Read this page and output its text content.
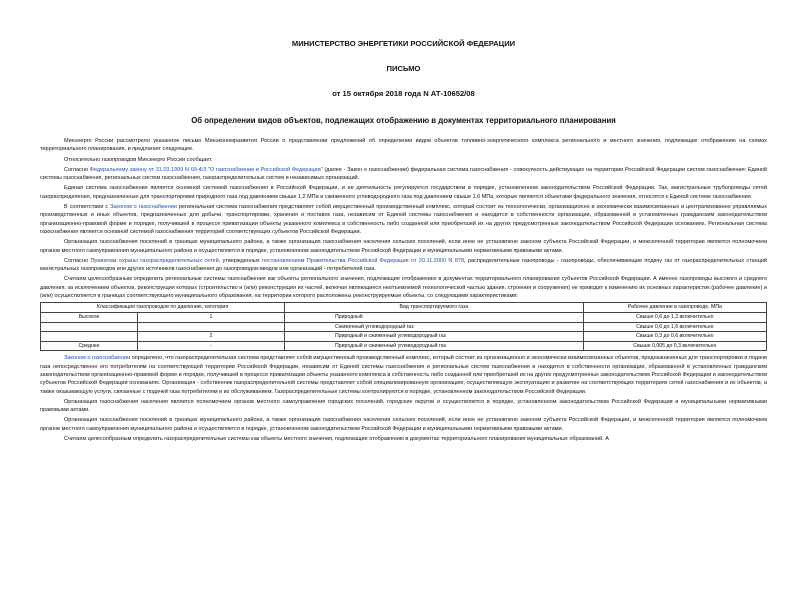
МИНИСТЕРСТВО ЭНЕРГЕТИКИ РОССИЙСКОЙ ФЕДЕРАЦИИ
ПИСЬМО
от 15 октября 2018 года N АТ-10652/08
Об определении видов объектов, подлежащих отображению в документах территориального планирования

Минэнерго России рассмотрело указанное письмо Минэкономразвития России о представлении предложений об определении видов объектов топливно-энергетического комплекса регионального и местного значения, подлежащих отображению на схемах территориального планирования, и предлагает следующее.

Относительно газопроводов Минэнерго России сообщает.

Согласно Федеральному закону от 31.03.1999 N 69-ФЗ "О газоснабжении в Российской Федерации" (далее - Закон о газоснабжении) федеральная система газоснабжения - совокупность действующих на территории Российской Федерации систем газоснабжения: Единой системы газоснабжения, региональных систем газоснабжения, газораспределительных систем и независимых организаций.

Единая система газоснабжения является основной системой газоснабжения в Российской Федерации, и ее деятельность регулируется государством в порядке, установленном законодательством Российской Федерации. Так, магистральные трубопроводы сетей газораспределения, предназначенные для транспортировки природного газа под давлением свыше 1,2 МПа и сжиженного углеводородного газа под давлением свыше 1,6 МПа, которые являются объектами федерального значения, относятся к Единой системе газоснабжения.

В соответствии с Законом о газоснабжении региональная система газоснабжения представляет собой имущественный производственный комплекс, который состоит из технологически, организационно и экономически взаимосвязанных и централизованно управляемых производственных и иных объектов, предназначенных для добычи, транспортировки, хранения и поставок газа, независим от Единой системы газоснабжения и находится в собственности организации, образованной в установленных гражданским законодательством организационно-правовой форме и порядке, получившей в процессе приватизации объекты указанного комплекса в собственность либо созданной или приобретшей их на других предусмотренных законодательством Российской Федерации основаниях. Региональная система газоснабжения является основной системой газоснабжения территорий соответствующих субъектов Российской Федерации.

Организация газоснабжения поселений в границах муниципального района, а также организация газоснабжения населения сельских поселений, если иное не установлено законом субъекта Российской Федерации, и межселенной территории является полномочием органов местного самоуправления муниципального района и осуществляется в порядке, установленном законодательством Российской Федерации и муниципальными нормативными правовыми актами.

Согласно Правилам охраны газораспределительных сетей, утвержденных постановлением Правительства Российской Федерации от 20.11.2000 N 878, распределительные газопроводы - газопроводы, обеспечивающие подачу газ от газораспределительных станций магистральных газопроводов или других источников газоснабжения до газопроводов-вводов или организаций - потребителей газа.

Считаем целесообразным определить региональные системы газоснабжения как объекты регионального значения, подлежащие отображению в документах территориального планирования субъектов Российской Федерации. А именно газопроводы высокого и среднего давления, за исключением объектов, реконструкция которых (строительство и (или) реконструкция их частей, включая являющиеся неотъемлемой технологической частью здания, строения и сооружения) не приводит к изменению их основных характеристик (рабочее давление) и (или) осуществляется в границах соответствующего муниципального образования, на территории которого расположены реконструируемые объекты, со следующими характеристиками:

Классификация газопроводов по давлению, категория		Вид транспортируемого газа	Рабочее давление в газопроводе, МПа
Высокое	1	Природный	Свыше 0,6 до 1,2 включительно
		Сжиженный углеводородный газ	Свыше 0,6 до 1,6 включительно
	2	Природный и сжиженный углеводородный газ	Свыше 0,3 до 0,6 включительно
Среднее	-	Природный и сжиженный углеводородный газ	Свыше 0,005 до 0,3 включительно

Законом о газоснабжении определено, что газораспределительная система представляет собой имущественный производственный комплекс, который состоит из организационно и экономически взаимосвязанных объектов, предназначенных для транспортировки и подачи газа непосредственно его потребителям на соответствующей территории Российской Федерации, независим от Единой системы газоснабжения и региональных систем газоснабжения и находится в собственности организации, образованной в установленных гражданским законодательством организационно-правовой форме и порядке, получившей в процессе приватизации объекты указанного комплекса в собственность либо созданной или приобретшей их на других предусмотренных законодательством Российской Федерации и законодательством субъектов Российской Федерации основаниях. Организация - собственник газораспределительной системы представляет собой специализированную организацию, осуществляющую эксплуатацию и развитие на соответствующих территориях сетей газоснабжения и их объектов, а также оказывающую услуги, связанные с подачей газа потребителям и их обслуживанием. Газораспределительные системы контролируются в порядке, установленном законодательством Российской Федерации.

Организация газоснабжения населения является полномочием органов местного самоуправления городских поселений, городских округов и осуществляется в порядке, установленном законодательством Российской Федерации и муниципальными нормативными правовыми актами.

Организация газоснабжения поселений в границах муниципального района, а также организация газоснабжения населения сельских поселений, если иное не установлено законом субъекта Российской Федерации, и межселенной территории является полномочием органов местного самоуправления муниципального района и осуществляется в порядке, установленном законодательством Российской Федерации и муниципальными нормативными правовыми актами.

Считаем целесообразным определить газораспределительные системы как объекты местного значения, подлежащие отображению в документах территориального планирования муниципальных образований. А
